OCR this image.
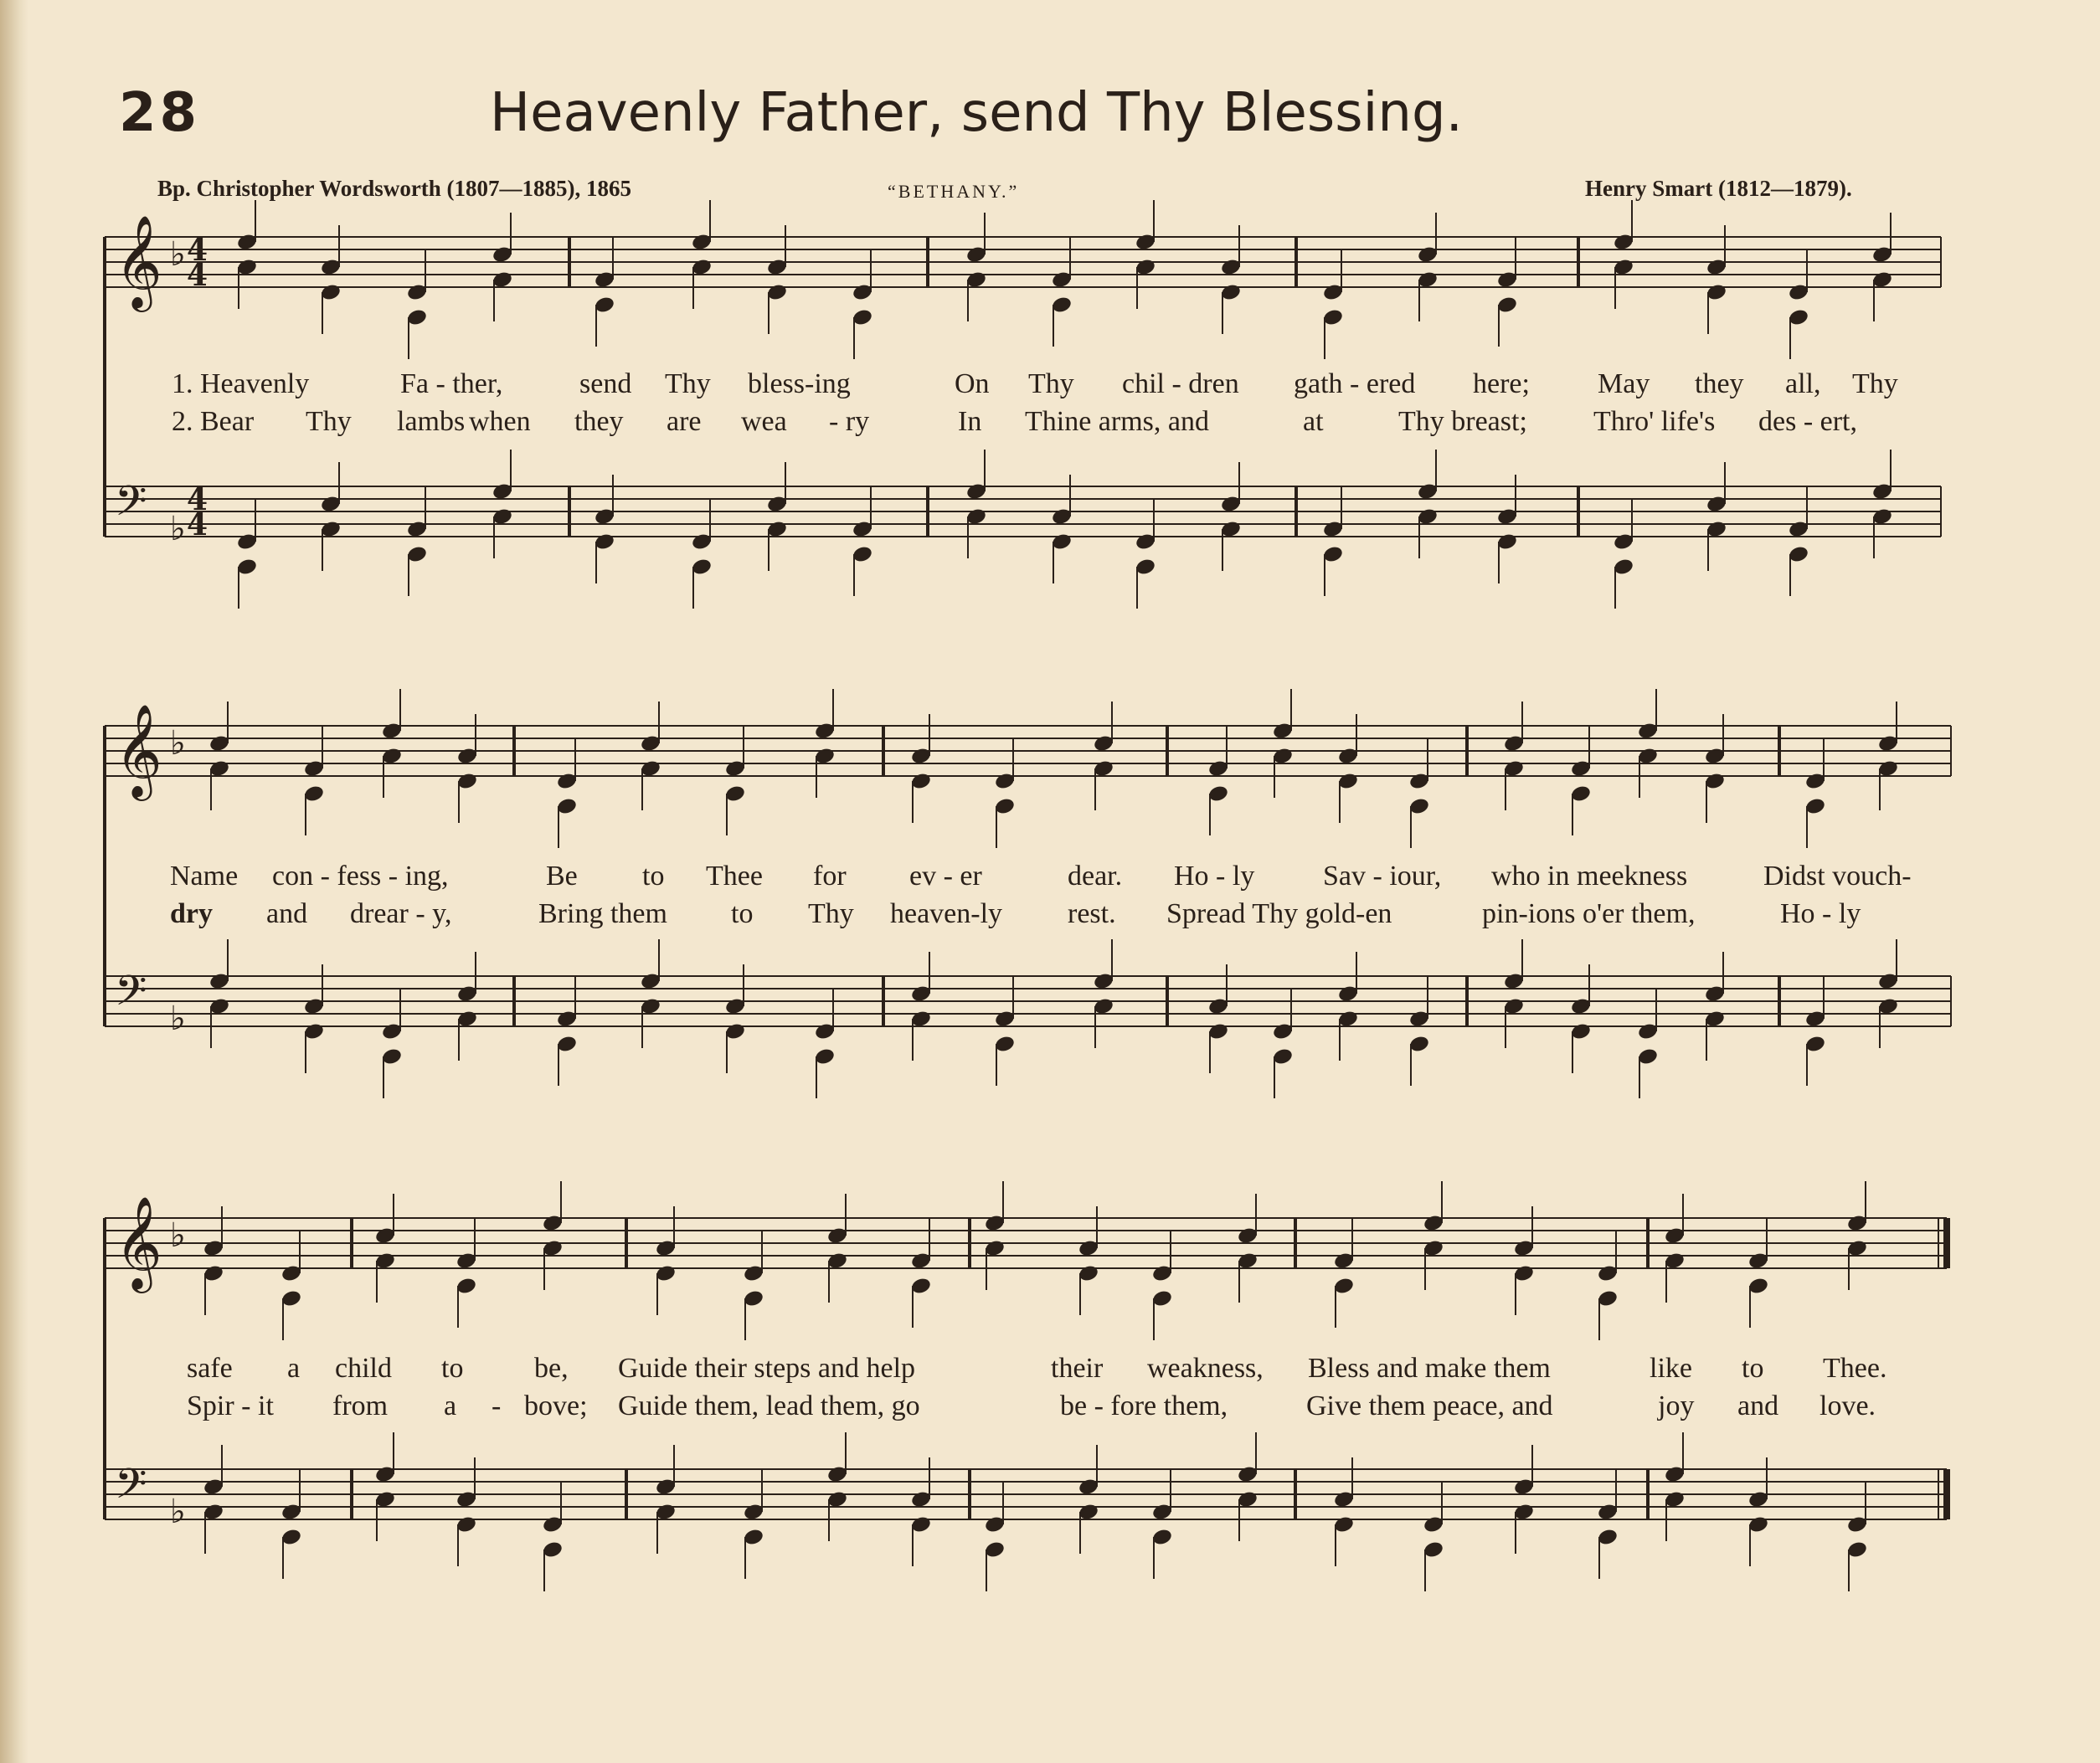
28	Heavenly Father, send Thy Blessing.
Bp. Christopher Wordsworth (1807—1885), 1865	“BETHANY.”	Henry Smart (1812—1879).
𝄞 ♭ 4
4
𝄢 ♭
4
4
𝄞 ♭
𝄢 ♭
𝄞 ♭
𝄢 ♭
1. Heavenly	Fa - ther,	send Thy bless-ing	On Thy chil - dren gath - ered here; May they all, Thy
2. Bear Thy lambs when they are wea - ry	In Thine arms, and	at	Thy breast; Thro' life's des - ert,
Name con - fess - ing,	Be to Thee for ev - er	dear. Ho - ly Sav - iour, who in meekness	Didst vouch-
dry and drear - y,	Bring them to Thy heaven-ly rest. Spread Thy gold-en	pin-ions o'er them,	Ho - ly
safe a child to be, Guide their steps and help	their weakness, Bless and make them	like to Thee.
Spir - it from a - bove; Guide them, lead them, go	be - fore them,	Give them peace, and	joy and love.
